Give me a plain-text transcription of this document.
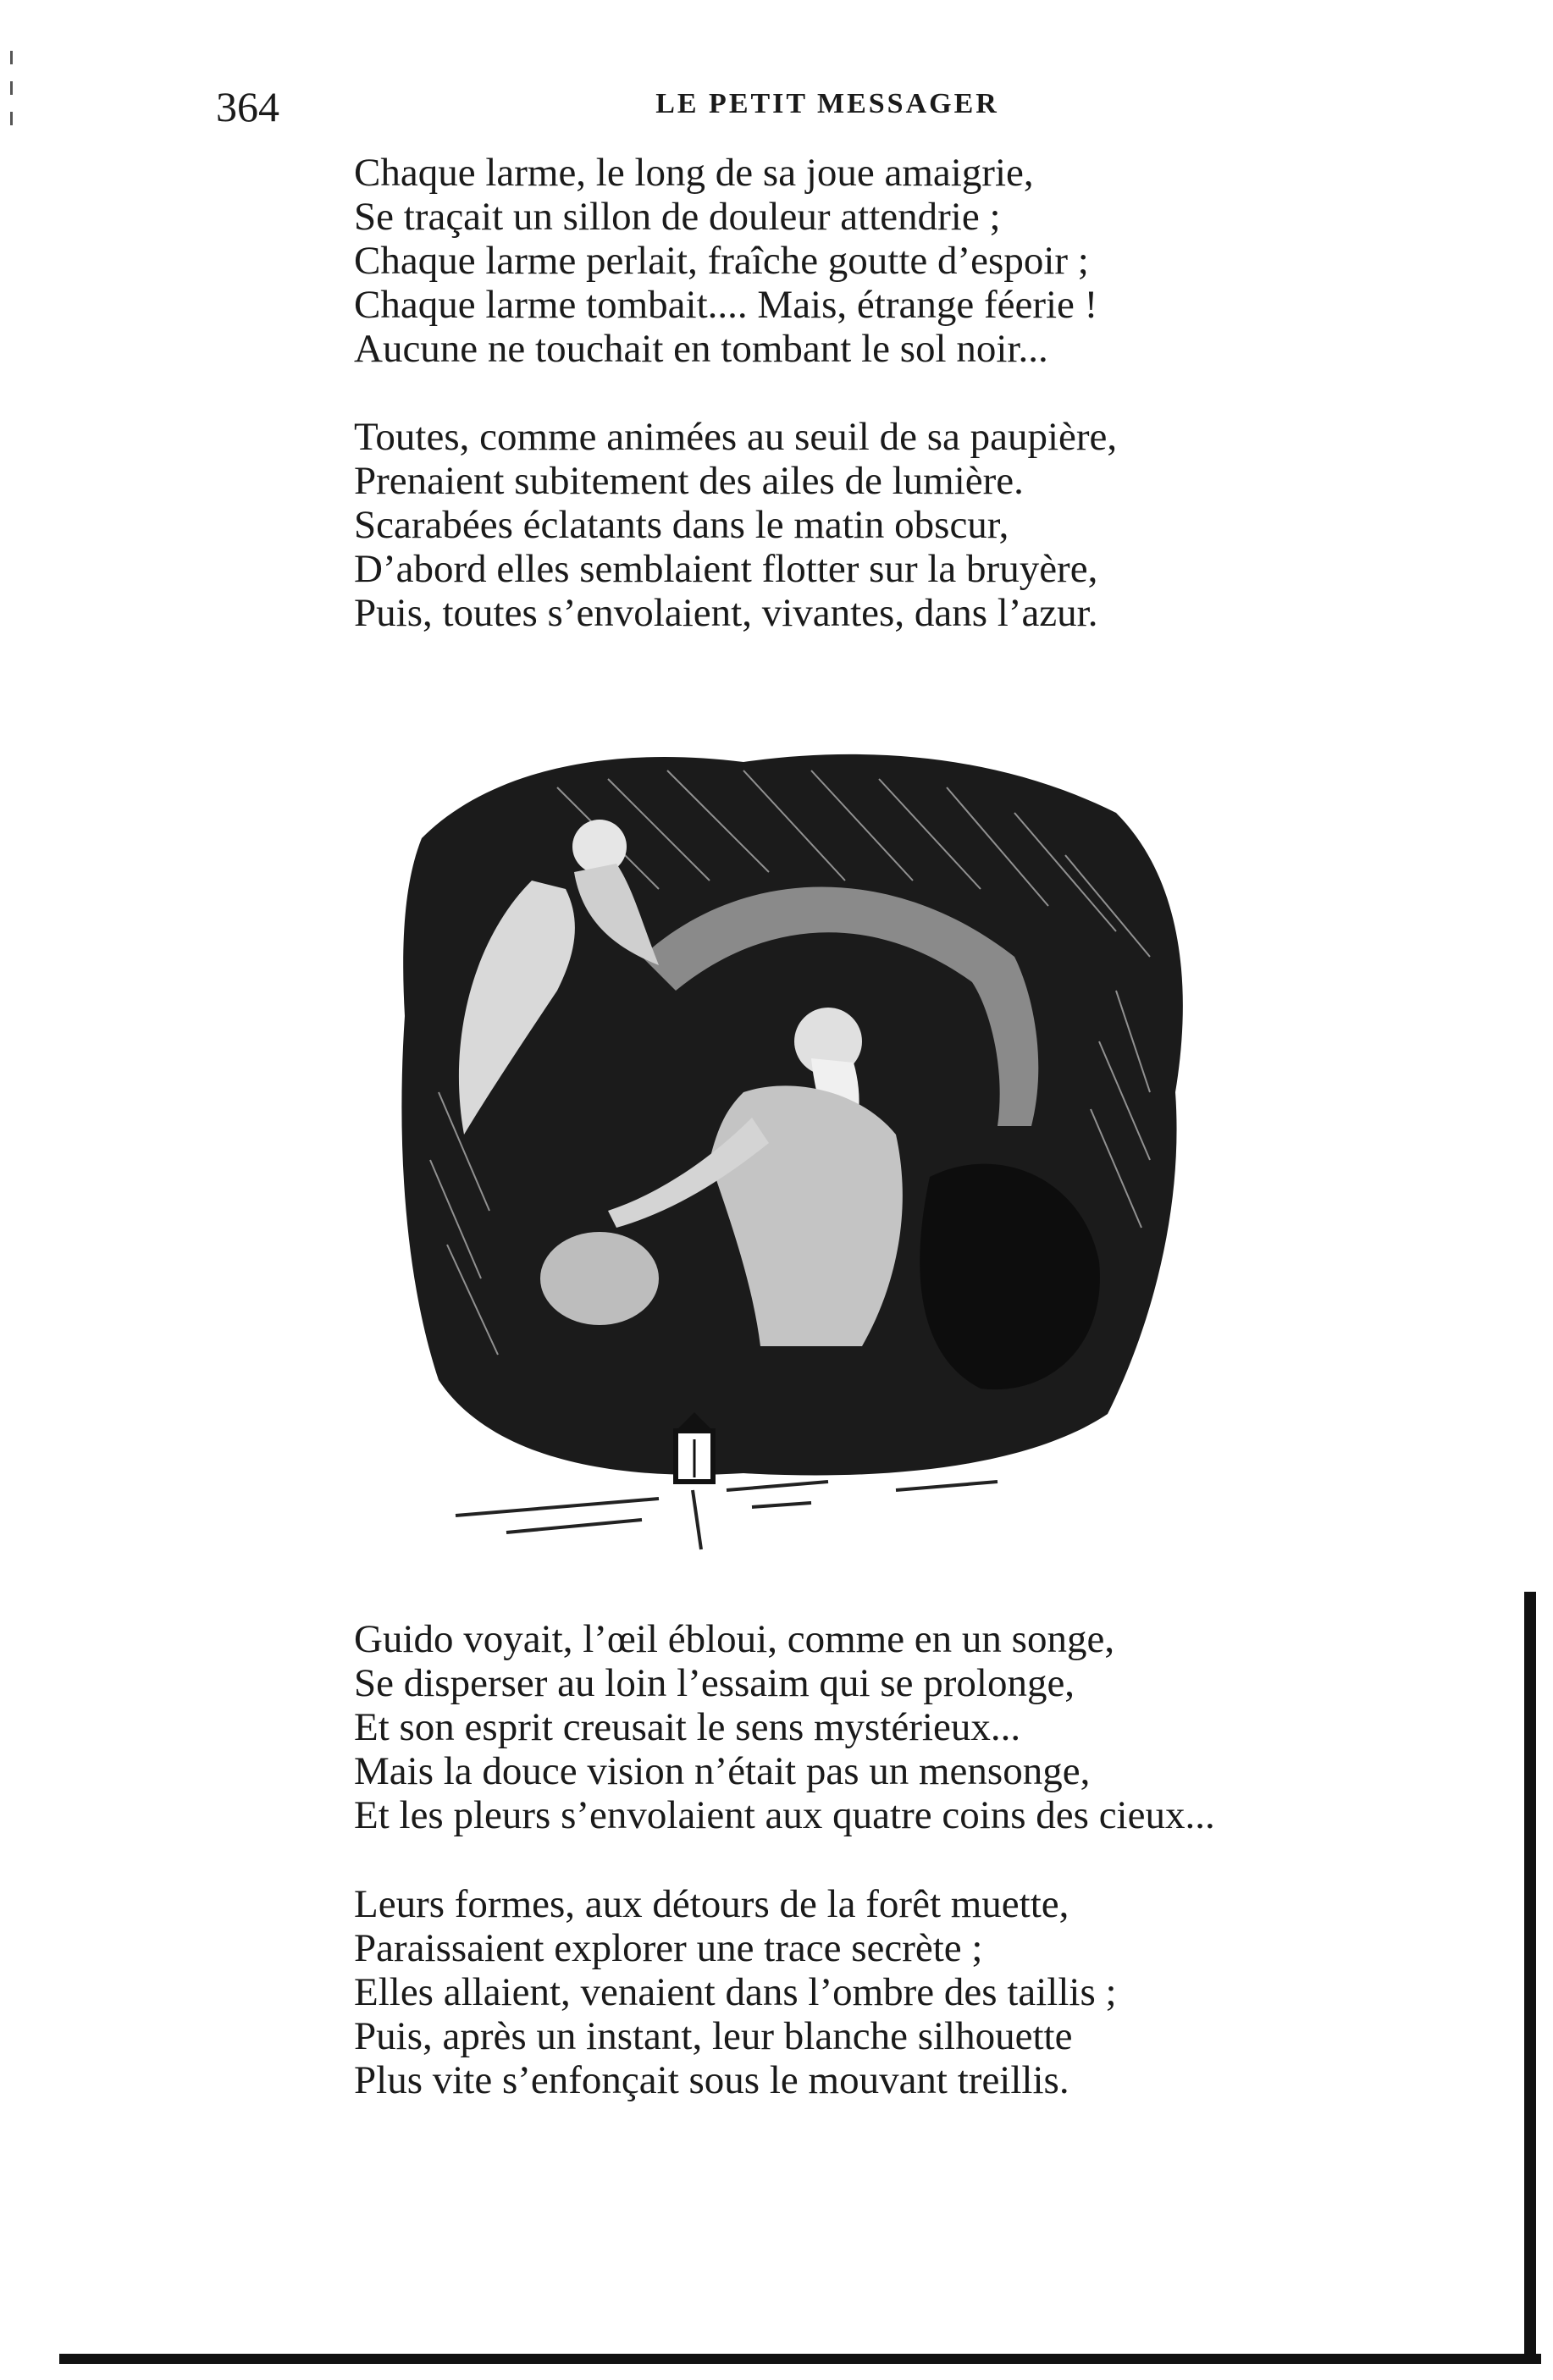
364	LE PETIT MESSAGER
Chaque larme, le long de sa joue amaigrie,
Se traçait un sillon de douleur attendrie ;
Chaque larme perlait, fraîche goutte d’espoir ;
Chaque larme tombait.... Mais, étrange féerie !
Aucune ne touchait en tombant le sol noir...
Toutes, comme animées au seuil de sa paupière,
Prenaient subitement des ailes de lumière.
Scarabées éclatants dans le matin obscur,
D’abord elles semblaient flotter sur la bruyère,
Puis, toutes s’envolaient, vivantes, dans l’azur.
Guido voyait, l’œil ébloui, comme en un songe,
Se disperser au loin l’essaim qui se prolonge,
Et son esprit creusait le sens mystérieux...
Mais la douce vision n’était pas un mensonge,
Et les pleurs s’envolaient aux quatre coins des cieux...
Leurs formes, aux détours de la forêt muette,
Paraissaient explorer une trace secrète ;
Elles allaient, venaient dans l’ombre des taillis ;
Puis, après un instant, leur blanche silhouette
Plus vite s’enfonçait sous le mouvant treillis.
